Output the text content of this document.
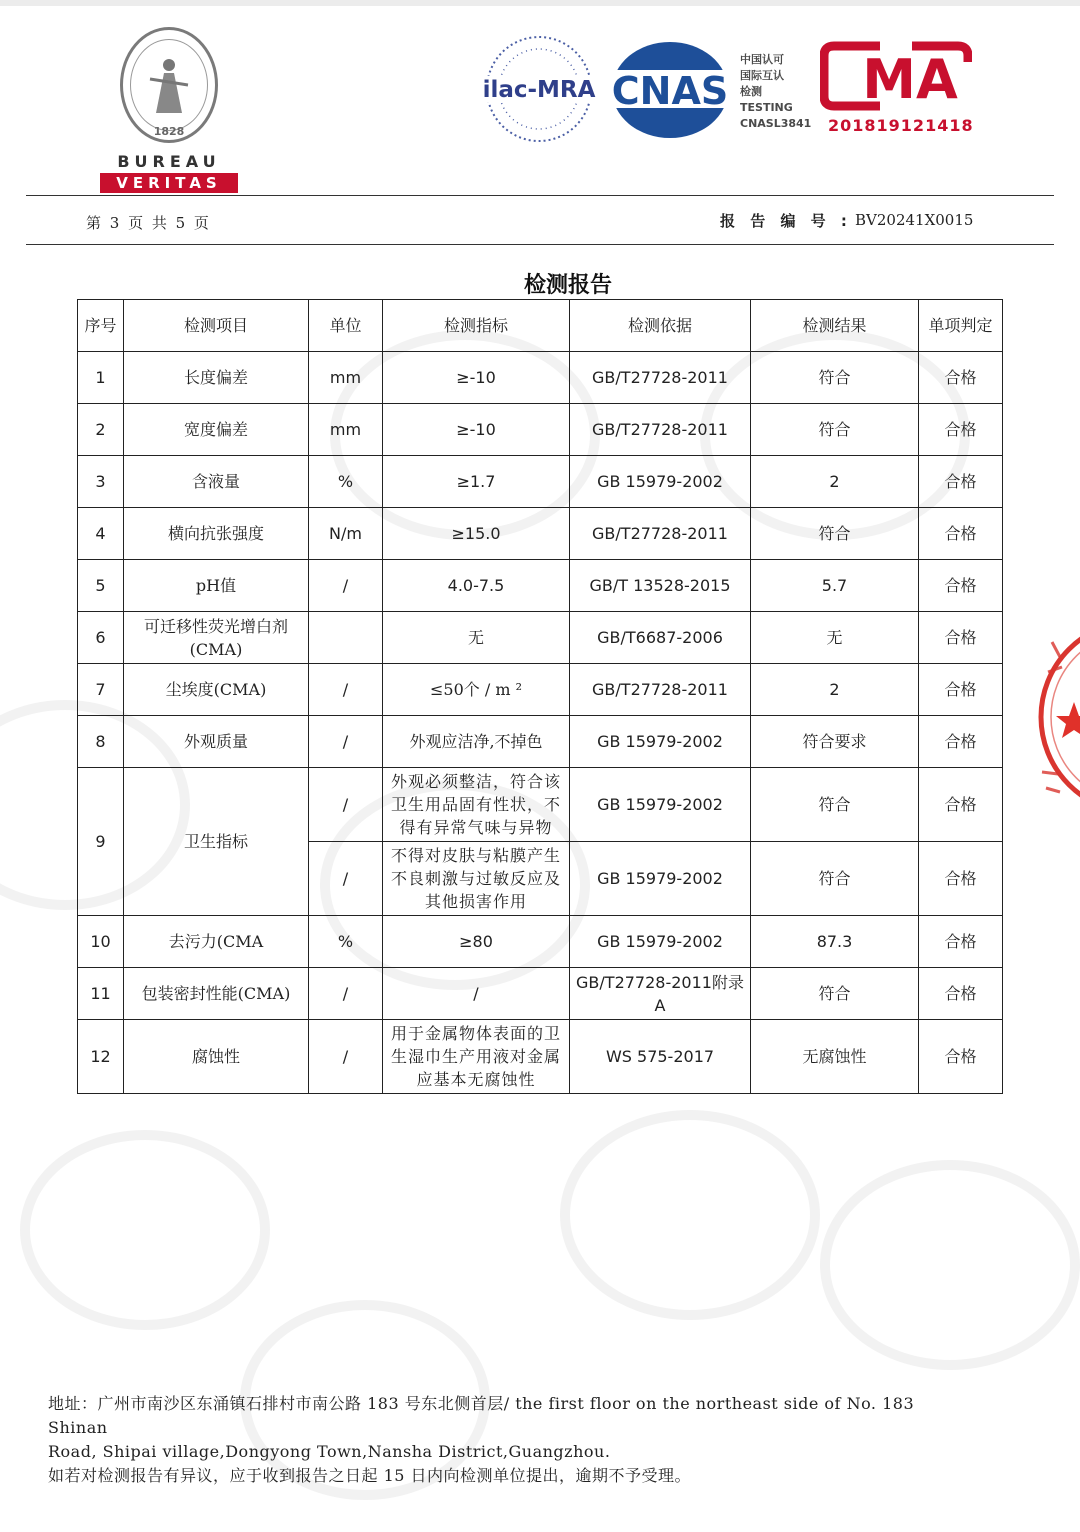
1828
BUREAU
VERITAS
ilac-MRA CNAS
中国认可
国际互认
检测
TESTING
CNASL3841
MA
201819121418
第 3 页 共 5 页	报 告 编 号 : BV20241X0015
检测报告
序号	检测项目	单位	检测指标	检测依据	检测结果	单项判定
1	长度偏差	mm	≥-10	GB/T27728-2011	符合	合格
2	宽度偏差	mm	≥-10	GB/T27728-2011	符合	合格
3	含液量	%	≥1.7	GB 15979-2002	2	合格
4	横向抗张强度	N/m	≥15.0	GB/T27728-2011	符合	合格
5	pH值	/	4.0-7.5	GB/T 13528-2015	5.7	合格
6	可迁移性荧光增白剂(CMA)		无	GB/T6687-2006	无	合格
7	尘埃度(CMA)	/	≤50个 / m ²	GB/T27728-2011	2	合格
8	外观质量	/	外观应洁净,不掉色	GB 15979-2002	符合要求	合格
9	卫生指标	/	外观必须整洁，符合该卫生用品固有性状，不得有异常气味与异物	GB 15979-2002	符合	合格
		/	不得对皮肤与粘膜产生不良刺激与过敏反应及其他损害作用	GB 15979-2002	符合	合格
10	去污力(CMA	%	≥80	GB 15979-2002	87.3	合格
11	包装密封性能(CMA)	/	/	GB/T27728-2011附录A	符合	合格
12	腐蚀性	/	用于金属物体表面的卫生湿巾生产用液对金属应基本无腐蚀性	WS 575-2017	无腐蚀性	合格
地址：广州市南沙区东涌镇石排村市南公路 183 号东北侧首层/ the first floor on the northeast side of No. 183
Shinan
Road, Shipai village,Dongyong Town,Nansha District,Guangzhou.
如若对检测报告有异议，应于收到报告之日起 15 日内向检测单位提出，逾期不予受理。
